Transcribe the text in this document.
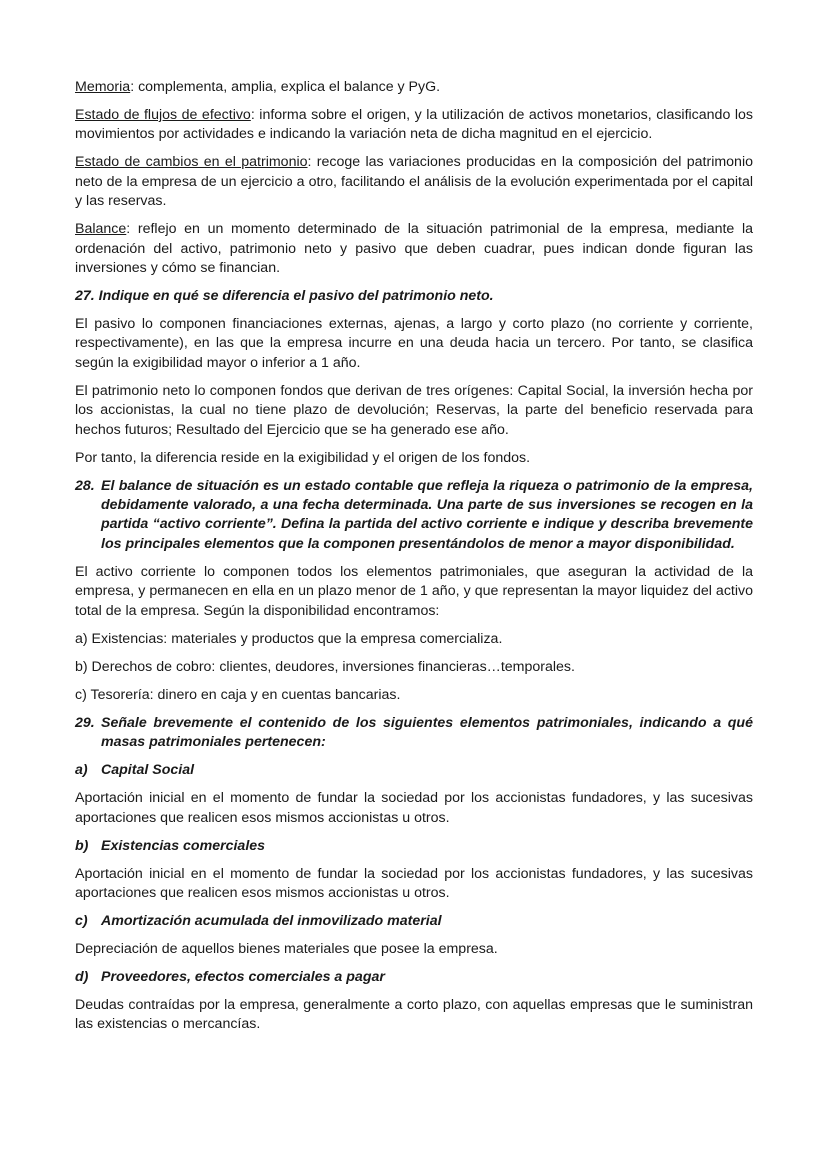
Memoria: complementa, amplia, explica el balance y PyG.

Estado de flujos de efectivo: informa sobre el origen, y la utilización de activos monetarios, clasificando los movimientos por actividades e indicando la variación neta de dicha magnitud en el ejercicio.

Estado de cambios en el patrimonio: recoge las variaciones producidas en la composición del patrimonio neto de la empresa de un ejercicio a otro, facilitando el análisis de la evolución experimentada por el capital y las reservas.

Balance: reflejo en un momento determinado de la situación patrimonial de la empresa, mediante la ordenación del activo, patrimonio neto y pasivo que deben cuadrar, pues indican donde figuran las inversiones y cómo se financian.

27. Indique en qué se diferencia el pasivo del patrimonio neto.

El pasivo lo componen financiaciones externas, ajenas, a largo y corto plazo (no corriente y corriente, respectivamente), en las que la empresa incurre en una deuda hacia un tercero. Por tanto, se clasifica según la exigibilidad mayor o inferior a 1 año.

El patrimonio neto lo componen fondos que derivan de tres orígenes: Capital Social, la inversión hecha por los accionistas, la cual no tiene plazo de devolución; Reservas, la parte del beneficio reservada para hechos futuros; Resultado del Ejercicio que se ha generado ese año.

Por tanto, la diferencia reside en la exigibilidad y el origen de los fondos.

28. El balance de situación es un estado contable que refleja la riqueza o patrimonio de la empresa, debidamente valorado, a una fecha determinada. Una parte de sus inversiones se recogen en la partida “activo corriente”. Defina la partida del activo corriente e indique y describa brevemente los principales elementos que la componen presentándolos de menor a mayor disponibilidad.

El activo corriente lo componen todos los elementos patrimoniales, que aseguran la actividad de la empresa, y permanecen en ella en un plazo menor de 1 año, y que representan la mayor liquidez del activo total de la empresa. Según la disponibilidad encontramos:

a) Existencias: materiales y productos que la empresa comercializa.

b) Derechos de cobro: clientes, deudores, inversiones financieras…temporales.

c) Tesorería: dinero en caja y en cuentas bancarias.

29. Señale brevemente el contenido de los siguientes elementos patrimoniales, indicando a qué masas patrimoniales pertenecen:
a) Capital Social

Aportación inicial en el momento de fundar la sociedad por los accionistas fundadores, y las sucesivas aportaciones que realicen esos mismos accionistas u otros.

b) Existencias comerciales

Aportación inicial en el momento de fundar la sociedad por los accionistas fundadores, y las sucesivas aportaciones que realicen esos mismos accionistas u otros.

c) Amortización acumulada del inmovilizado material

Depreciación de aquellos bienes materiales que posee la empresa.

d) Proveedores, efectos comerciales a pagar

Deudas contraídas por la empresa, generalmente a corto plazo, con aquellas empresas que le suministran las existencias o mercancías.
